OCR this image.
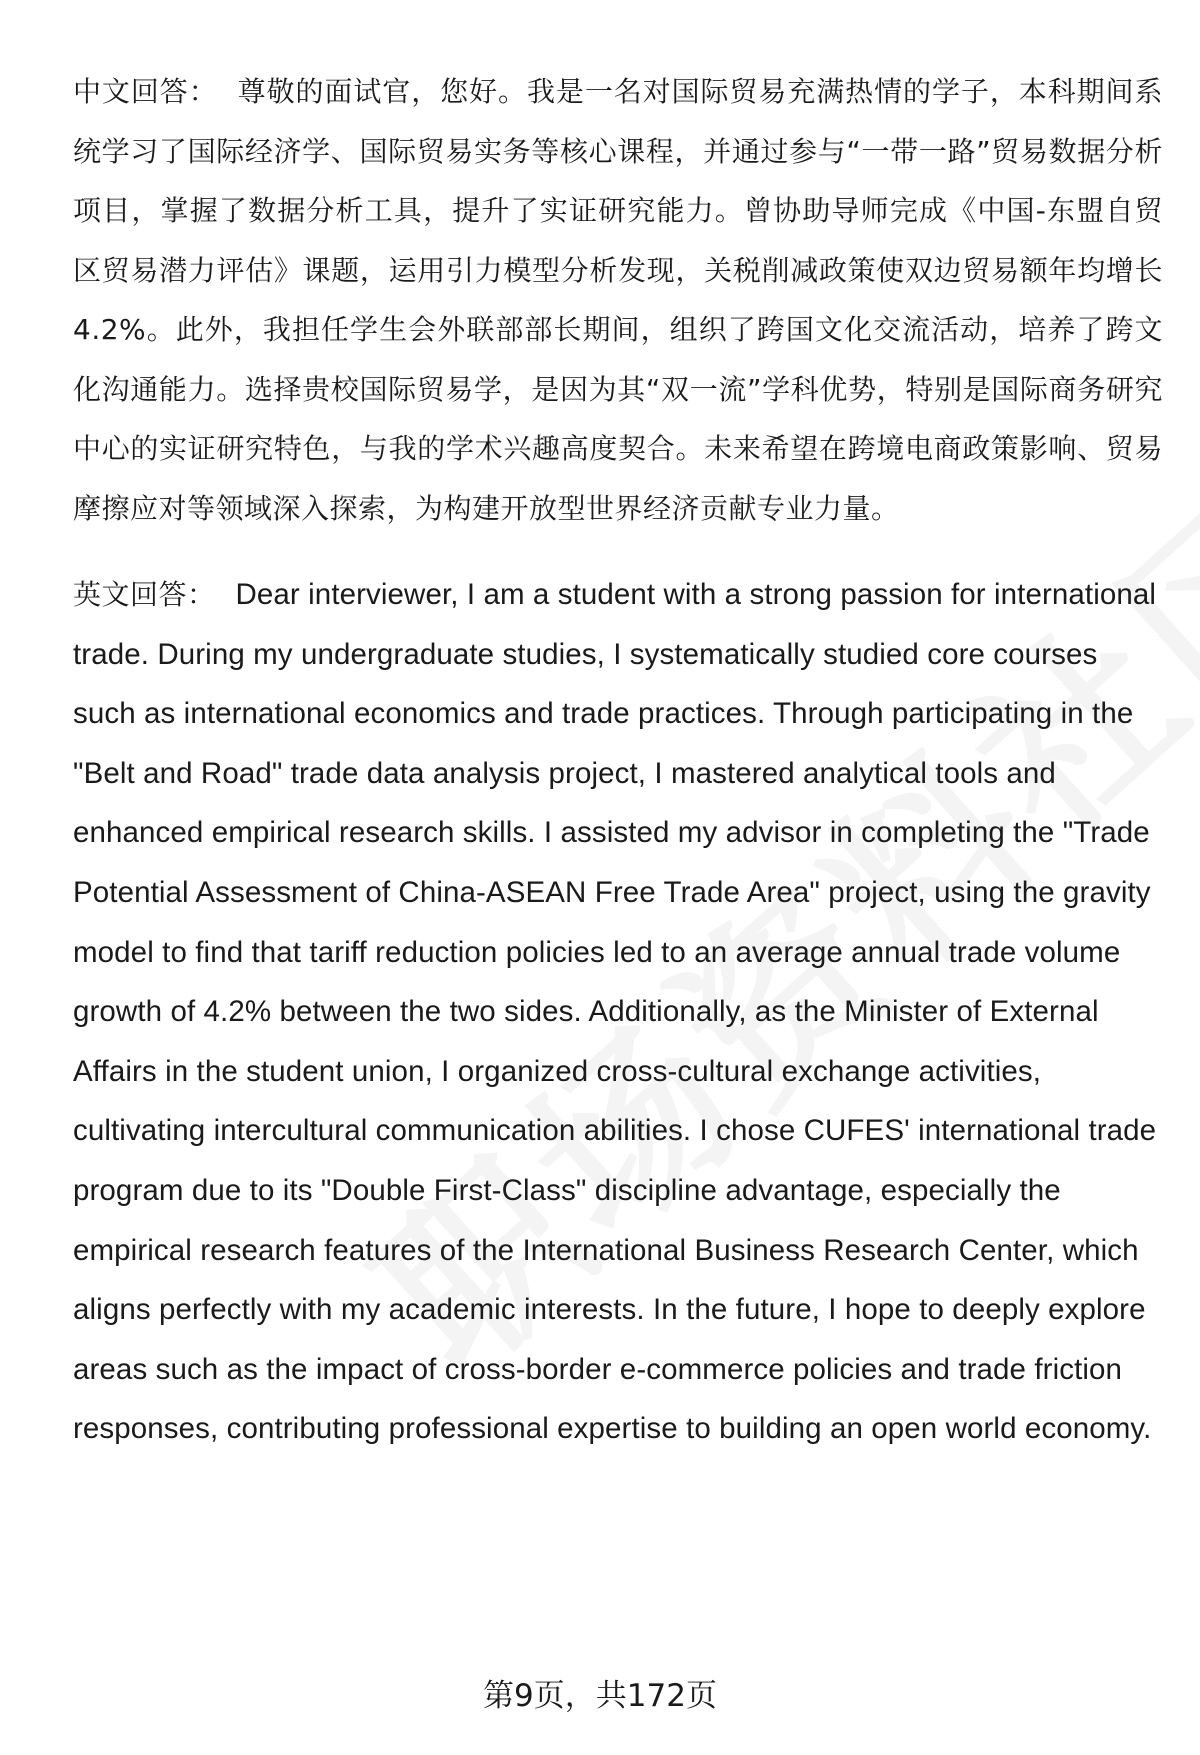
中文回答： 尊敬的面试官，您好。我是一名对国际贸易充满热情的学子，本科期间系统学习了国际经济学、国际贸易实务等核心课程，并通过参与“一带一路”贸易数据分析项目，掌握了数据分析工具，提升了实证研究能力。曾协助导师完成《中国-东盟自贸区贸易潜力评估》课题，运用引力模型分析发现，关税削减政策使双边贸易额年均增长4.2%。此外，我担任学生会外联部部长期间，组织了跨国文化交流活动，培养了跨文化沟通能力。选择贵校国际贸易学，是因为其“双一流”学科优势，特别是国际商务研究中心的实证研究特色，与我的学术兴趣高度契合。未来希望在跨境电商政策影响、贸易摩擦应对等领域深入探索，为构建开放型世界经济贡献专业力量。

英文回答： Dear interviewer, I am a student with a strong passion for international trade. During my undergraduate studies, I systematically studied core courses such as international economics and trade practices. Through participating in the "Belt and Road" trade data analysis project, I mastered analytical tools and enhanced empirical research skills. I assisted my advisor in completing the "Trade Potential Assessment of China-ASEAN Free Trade Area" project, using the gravity model to find that tariff reduction policies led to an average annual trade volume growth of 4.2% between the two sides. Additionally, as the Minister of External Affairs in the student union, I organized cross-cultural exchange activities, cultivating intercultural communication abilities. I chose CUFES' international trade program due to its "Double First-Class" discipline advantage, especially the empirical research features of the International Business Research Center, which aligns perfectly with my academic interests. In the future, I hope to deeply explore areas such as the impact of cross-border e-commerce policies and trade friction responses, contributing professional expertise to building an open world economy.

第9页，共172页
